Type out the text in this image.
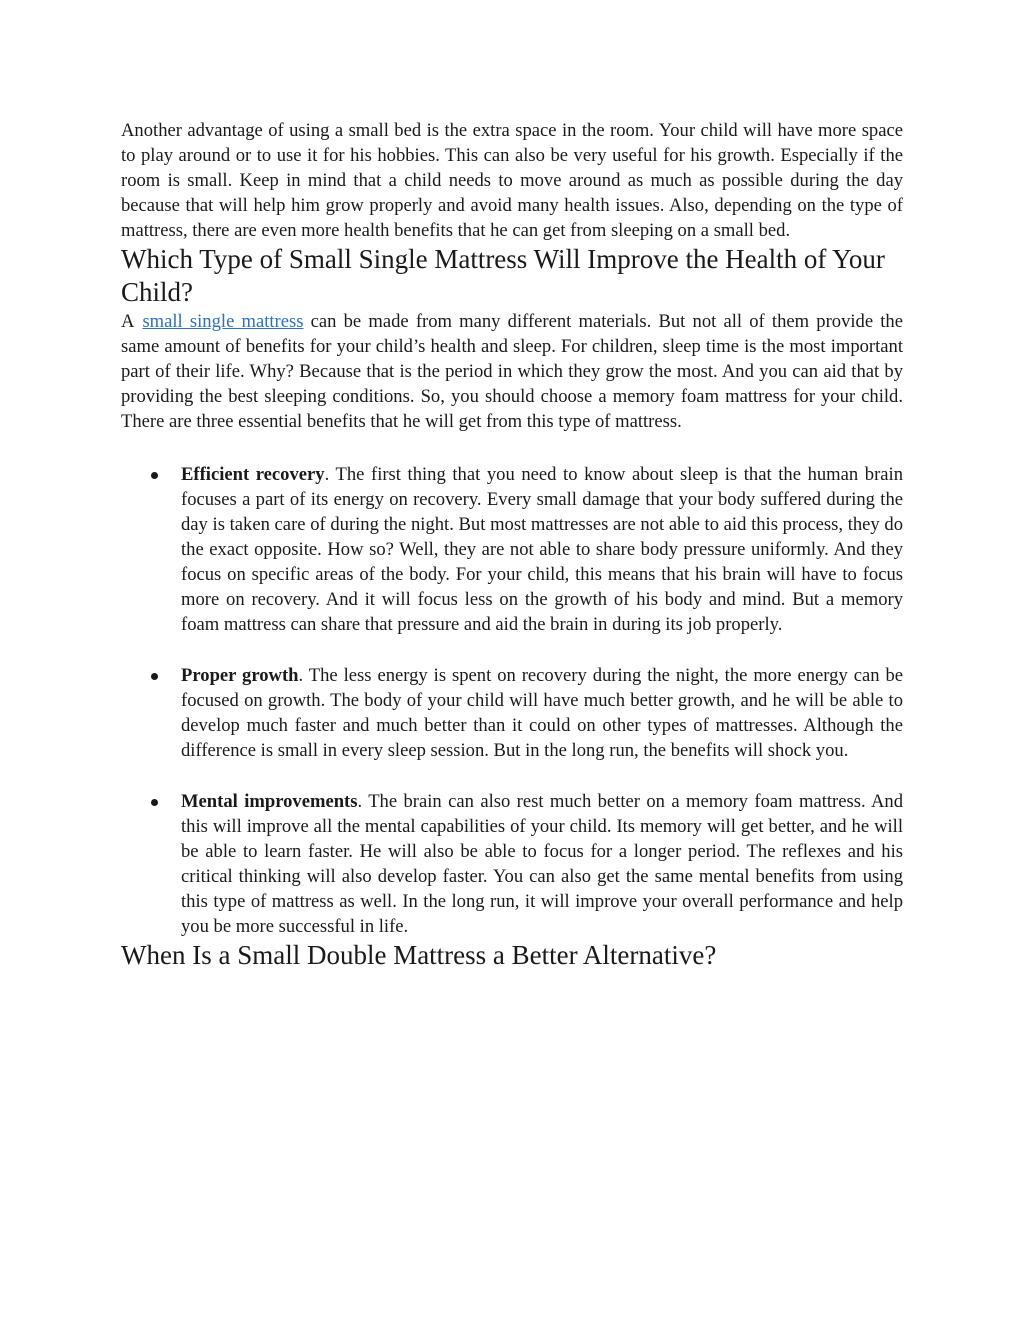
Another advantage of using a small bed is the extra space in the room. Your child will have more space to play around or to use it for his hobbies. This can also be very useful for his growth. Especially if the room is small. Keep in mind that a child needs to move around as much as possible during the day because that will help him grow properly and avoid many health issues. Also, depending on the type of mattress, there are even more health benefits that he can get from sleeping on a small bed.

Which Type of Small Single Mattress Will Improve the Health of Your Child?

A small single mattress can be made from many different materials. But not all of them provide the same amount of benefits for your child’s health and sleep. For children, sleep time is the most important part of their life. Why? Because that is the period in which they grow the most. And you can aid that by providing the best sleeping conditions. So, you should choose a memory foam mattress for your child. There are three essential benefits that he will get from this type of mattress.

Efficient recovery. The first thing that you need to know about sleep is that the human brain focuses a part of its energy on recovery. Every small damage that your body suffered during the day is taken care of during the night. But most mattresses are not able to aid this process, they do the exact opposite. How so? Well, they are not able to share body pressure uniformly. And they focus on specific areas of the body. For your child, this means that his brain will have to focus more on recovery. And it will focus less on the growth of his body and mind. But a memory foam mattress can share that pressure and aid the brain in during its job properly.

Proper growth. The less energy is spent on recovery during the night, the more energy can be focused on growth. The body of your child will have much better growth, and he will be able to develop much faster and much better than it could on other types of mattresses. Although the difference is small in every sleep session. But in the long run, the benefits will shock you.

Mental improvements. The brain can also rest much better on a memory foam mattress. And this will improve all the mental capabilities of your child. Its memory will get better, and he will be able to learn faster. He will also be able to focus for a longer period. The reflexes and his critical thinking will also develop faster. You can also get the same mental benefits from using this type of mattress as well. In the long run, it will improve your overall performance and help you be more successful in life.

When Is a Small Double Mattress a Better Alternative?
